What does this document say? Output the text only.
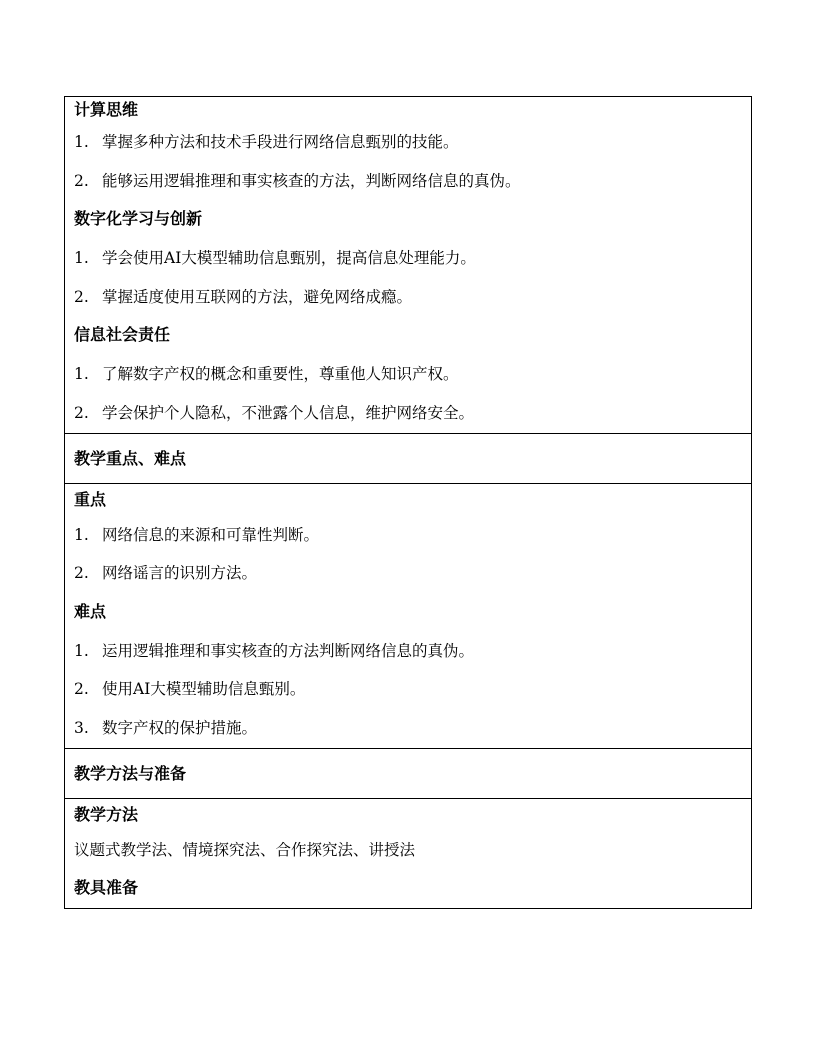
计算思维
1. 掌握多种方法和技术手段进行网络信息甄别的技能。
2. 能够运用逻辑推理和事实核查的方法，判断网络信息的真伪。
数字化学习与创新
1. 学会使用AI大模型辅助信息甄别，提高信息处理能力。
2. 掌握适度使用互联网的方法，避免网络成瘾。
信息社会责任
1. 了解数字产权的概念和重要性，尊重他人知识产权。
2. 学会保护个人隐私，不泄露个人信息，维护网络安全。
教学重点、难点
重点
1. 网络信息的来源和可靠性判断。
2. 网络谣言的识别方法。
难点
1. 运用逻辑推理和事实核查的方法判断网络信息的真伪。
2. 使用AI大模型辅助信息甄别。
3. 数字产权的保护措施。
教学方法与准备
教学方法
议题式教学法、情境探究法、合作探究法、讲授法
教具准备
